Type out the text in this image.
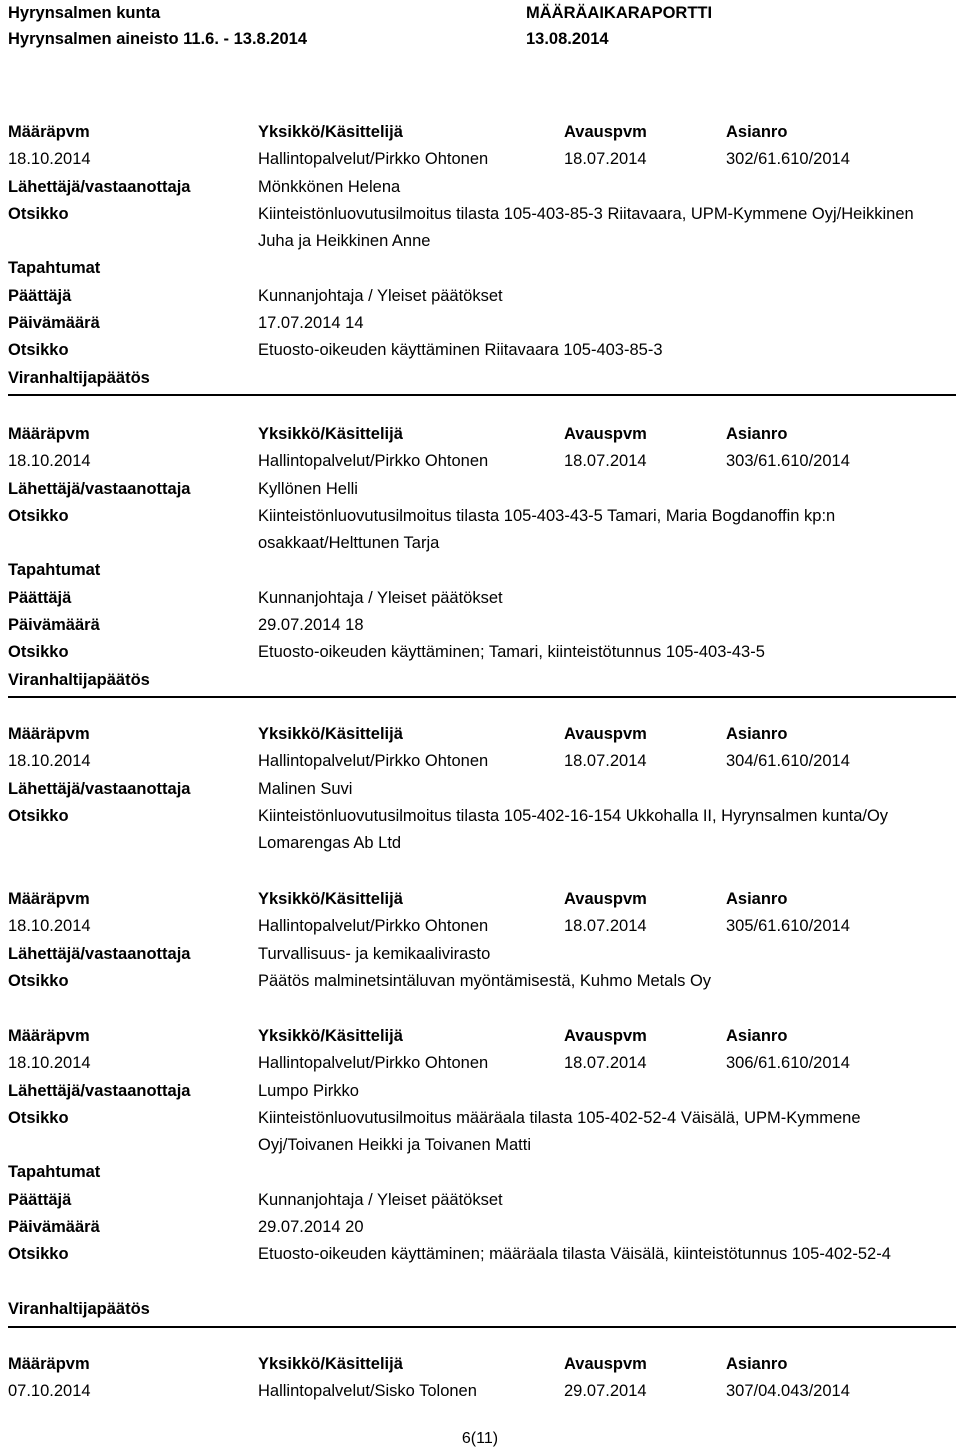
Hyrynsalmen kunta
Hyrynsalmen aineisto 11.6. - 13.8.2014
MÄÄRÄAIKARAPORTTI
13.08.2014
Määräpvm	Yksikkö/Käsittelijä	Avauspvm	Asianro
18.10.2014	Hallintopalvelut/Pirkko Ohtonen	18.07.2014	302/61.610/2014
Lähettäjä/vastaanottaja	Mönkkönen Helena
Otsikko	Kiinteistönluovutusilmoitus tilasta 105-403-85-3 Riitavaara, UPM-Kymmene Oyj/Heikkinen Juha ja Heikkinen Anne
Tapahtumat
Päättäjä	Kunnanjohtaja / Yleiset päätökset
Päivämäärä	17.07.2014 14
Otsikko	Etuosto-oikeuden käyttäminen Riitavaara 105-403-85-3
Viranhaltijapäätös
Määräpvm	Yksikkö/Käsittelijä	Avauspvm	Asianro
18.10.2014	Hallintopalvelut/Pirkko Ohtonen	18.07.2014	303/61.610/2014
Lähettäjä/vastaanottaja	Kyllönen Helli
Otsikko	Kiinteistönluovutusilmoitus tilasta 105-403-43-5 Tamari, Maria Bogdanoffin kp:n osakkaat/Helttunen Tarja
Tapahtumat
Päättäjä	Kunnanjohtaja / Yleiset päätökset
Päivämäärä	29.07.2014 18
Otsikko	Etuosto-oikeuden käyttäminen; Tamari, kiinteistötunnus 105-403-43-5
Viranhaltijapäätös
Määräpvm	Yksikkö/Käsittelijä	Avauspvm	Asianro
18.10.2014	Hallintopalvelut/Pirkko Ohtonen	18.07.2014	304/61.610/2014
Lähettäjä/vastaanottaja	Malinen Suvi
Otsikko	Kiinteistönluovutusilmoitus tilasta 105-402-16-154 Ukkohalla II, Hyrynsalmen kunta/Oy Lomarengas Ab Ltd
Määräpvm	Yksikkö/Käsittelijä	Avauspvm	Asianro
18.10.2014	Hallintopalvelut/Pirkko Ohtonen	18.07.2014	305/61.610/2014
Lähettäjä/vastaanottaja	Turvallisuus- ja kemikaalivirasto
Otsikko	Päätös malminetsintäluvan myöntämisestä, Kuhmo Metals Oy
Määräpvm	Yksikkö/Käsittelijä	Avauspvm	Asianro
18.10.2014	Hallintopalvelut/Pirkko Ohtonen	18.07.2014	306/61.610/2014
Lähettäjä/vastaanottaja	Lumpo Pirkko
Otsikko	Kiinteistönluovutusilmoitus määräala tilasta 105-402-52-4 Väisälä, UPM-Kymmene Oyj/Toivanen Heikki ja Toivanen Matti
Tapahtumat
Päättäjä	Kunnanjohtaja / Yleiset päätökset
Päivämäärä	29.07.2014 20
Otsikko	Etuosto-oikeuden käyttäminen; määräala tilasta Väisälä, kiinteistötunnus 105-402-52-4
Viranhaltijapäätös
Määräpvm	Yksikkö/Käsittelijä	Avauspvm	Asianro
07.10.2014	Hallintopalvelut/Sisko Tolonen	29.07.2014	307/04.043/2014
6(11)
